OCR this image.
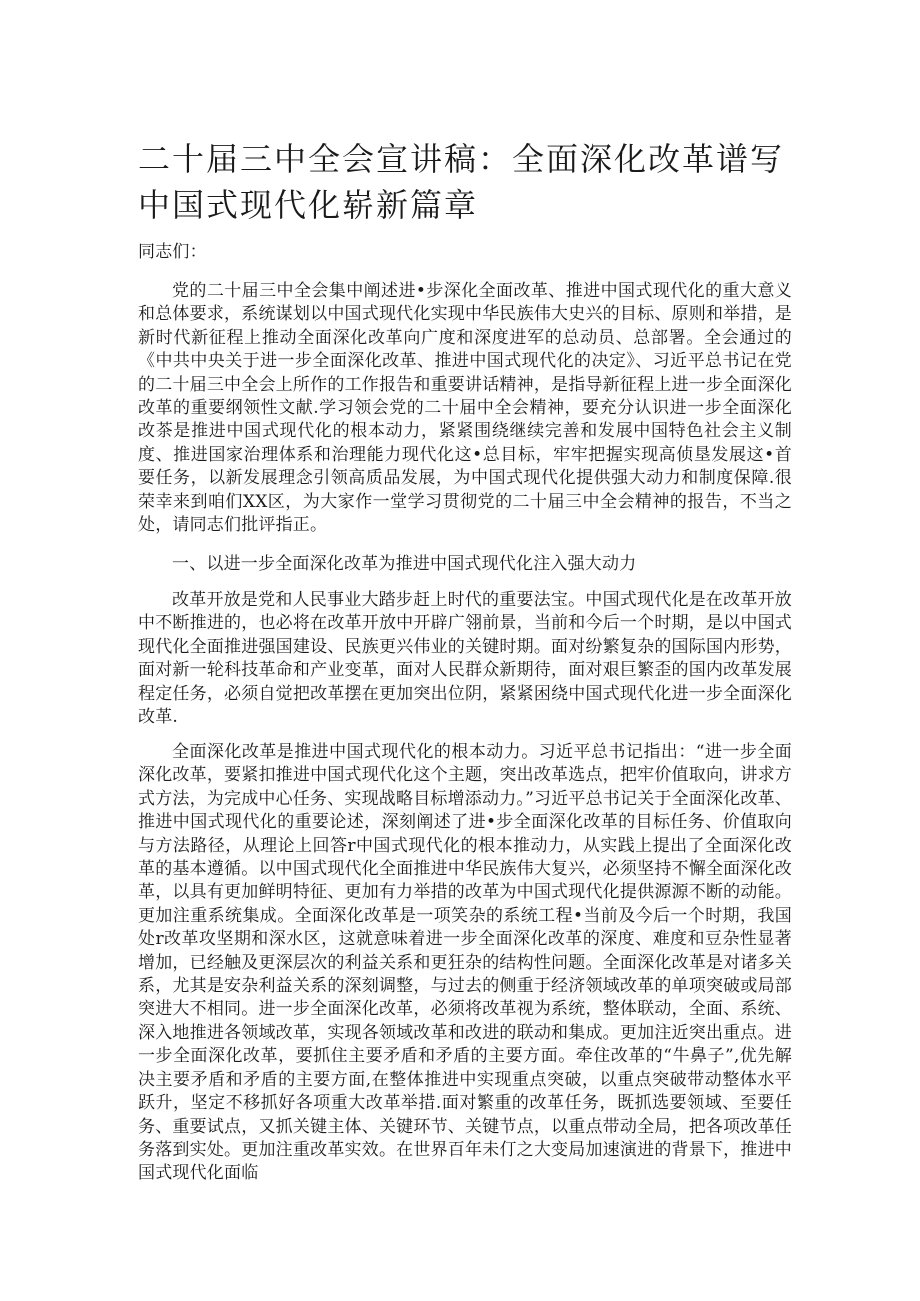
二十届三中全会宣讲稿：全面深化改革谱写中国式现代化崭新篇章

同志们：

党的二十届三中全会集中阐述进•步深化全面改革、推进中国式现代化的重大意义和总体要求，系统谋划以中国式现代化实现中华民族伟大史兴的目标、原则和举措，是新时代新征程上推动全面深化改革向广度和深度进军的总动员、总部署。全会通过的《中共中央关于进一步全面深化改革、推进中国式现代化的决定》、习近平总书记在党的二十届三中全会上所作的工作报告和重要讲话精神，是指导新征程上进一步全面深化改革的重要纲领性文献.学习领会党的二十届中全会精神，要充分认识进一步全面深化改茶是推进中国式现代化的根本动力，紧紧围绕继续完善和发展中国特色社会主义制度、推进国家治理体系和治理能力现代化这•总目标，牢牢把握实现高侦垦发展这•首要任务，以新发展理念引领高质品发展，为中国式现代化提供强大动力和制度保障.很荣幸来到咱们XX区，为大家作一堂学习贯彻党的二十届三中全会精神的报告，不当之处，请同志们批评指正。

一、以进一步全面深化改革为推进中国式现代化注入强大动力

改革开放是党和人民事业大踏步赶上时代的重要法宝。中国式现代化是在改革开放中不断推进的，也必将在改革开放中开辟广翎前景，当前和今后一个时期，是以中国式现代化全面推进强国建设、民族更兴伟业的关键时期。面对纷繁复杂的国际国内形势，面对新一轮科技革命和产业变革，面对人民群众新期待，面对艰巨繁歪的国内改革发展程定任务，必须自觉把改革摆在更加突出位阴，紧紧困绕中国式现代化进一步全面深化改革.

全面深化改革是推进中国式现代化的根本动力。习近平总书记指出：“进一步全面深化改革，要紧扣推进中国式现代化这个主题，突出改革选点，把牢价值取向，讲求方式方法，为完成中心任务、实现战略目标增添动力。”习近平总书记关于全面深化改革、推进中国式现代化的重要论述，深刻阐述了进•步全面深化改革的目标任务、价值取向与方法路径，从理论上回答r中国式现代化的根本推动力，从实践上提出了全面深化改革的基本遵循。以中国式现代化全面推进中华民族伟大复兴，必须坚持不懈全面深化改革，以具有更加鲜明特征、更加有力举措的改革为中国式现代化提供源源不断的动能。更加注重系统集成。全面深化改革是一项笑杂的系统工程•当前及今后一个时期，我国处r改革攻坚期和深水区，这就意味着进一步全面深化改革的深度、难度和豆杂性显著增加，已经触及更深层次的利益关系和更狂杂的结构性问题。全面深化改革是对诸多关系，尤其是安杂利益关系的深刻调整，与过去的侧重于经济领域改革的单项突破或局部突进大不相同。进一步全面深化改革，必须将改革视为系统，整体联动，全面、系统、深入地推进各领域改革，实现各领域改革和改进的联动和集成。更加注近突出重点。进一步全面深化改革，要抓住主要矛盾和矛盾的主要方面。牵住改革的“牛鼻子”,优先解决主要矛盾和矛盾的主要方面,在整体推进中实现重点突破，以重点突破带动整体水平跃升，坚定不移抓好各项重大改革举措.面对繁重的改革任务，既抓选要领域、至要任务、重要试点，又抓关键主体、关键环节、关键节点，以重点带动全局，把各项改革任务落到实处。更加注重改革实效。在世界百年未仃之大变局加速演进的背景下，推进中国式现代化面临
